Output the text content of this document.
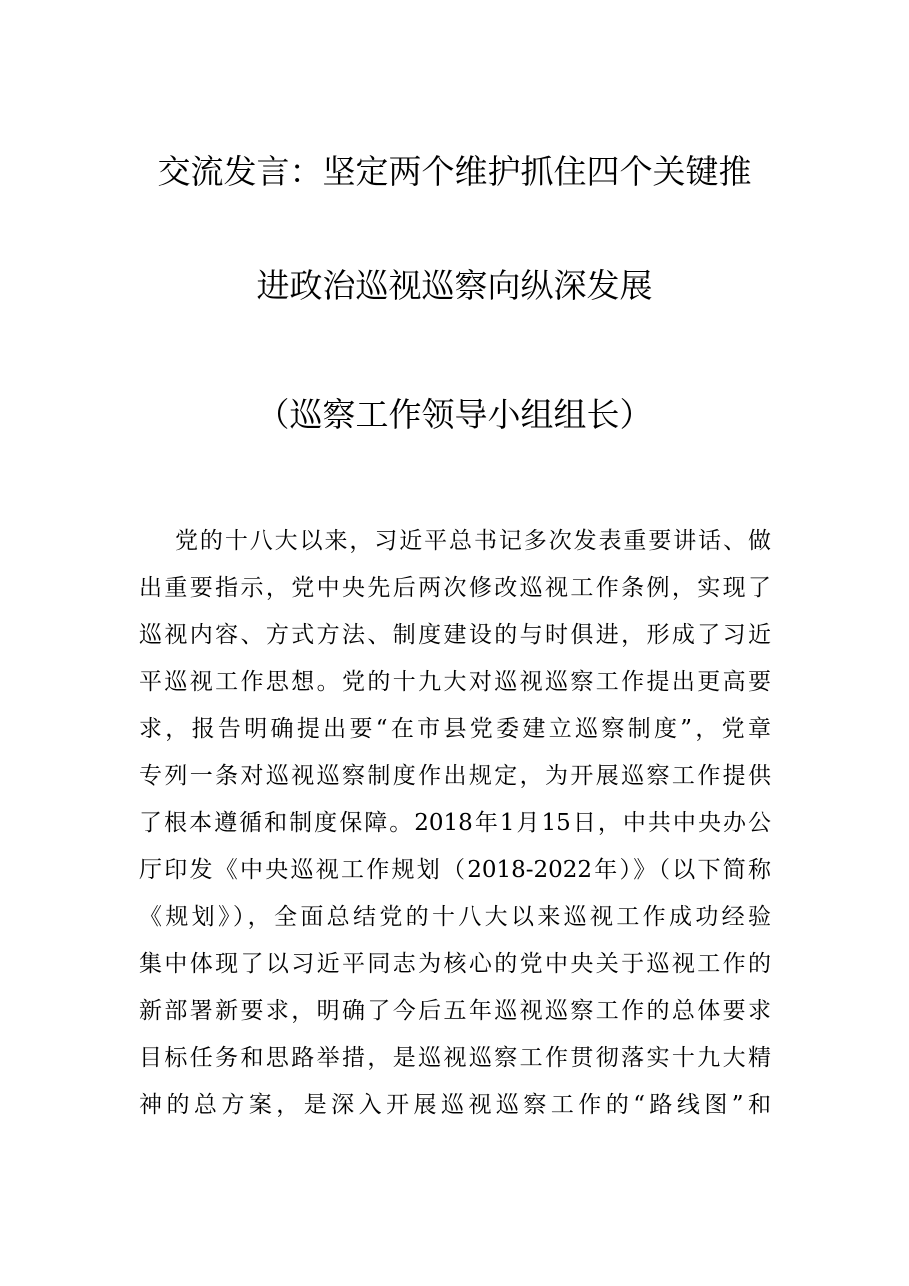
交流发言：坚定两个维护抓住四个关键推
进政治巡视巡察向纵深发展
（巡察工作领导小组组长）
党的十八大以来，习近平总书记多次发表重要讲话、做
出重要指示，党中央先后两次修改巡视工作条例，实现了
巡视内容、方式方法、制度建设的与时俱进，形成了习近
平巡视工作思想。党的十九大对巡视巡察工作提出更高要
求，报告明确提出要“在市县党委建立巡察制度”，党章
专列一条对巡视巡察制度作出规定，为开展巡察工作提供
了根本遵循和制度保障。2018年1月15日，中共中央办公
厅印发《中央巡视工作规划（2018-2022年）》（以下简称
《规划》），全面总结党的十八大以来巡视工作成功经验
集中体现了以习近平同志为核心的党中央关于巡视工作的
新部署新要求，明确了今后五年巡视巡察工作的总体要求
目标任务和思路举措，是巡视巡察工作贯彻落实十九大精
神的总方案，是深入开展巡视巡察工作的“路线图”和
